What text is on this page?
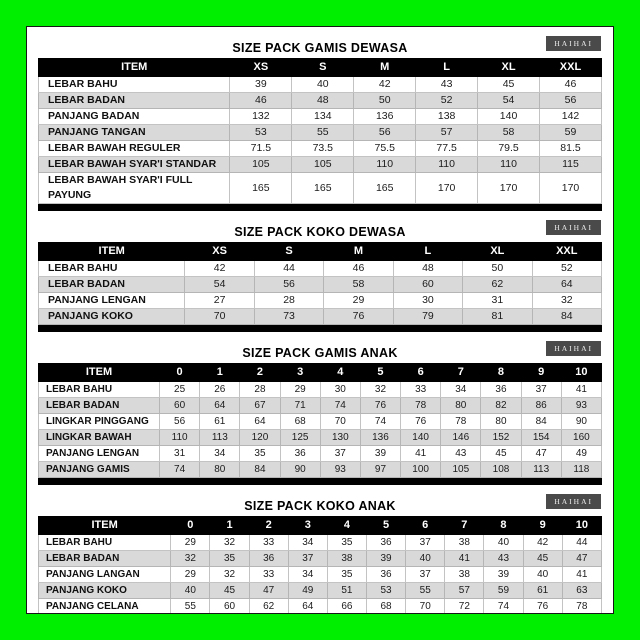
SIZE PACK GAMIS DEWASA	HAIHAI
ITEM	XS	S	M	L	XL	XXL
LEBAR BAHU	39	40	42	43	45	46
LEBAR BADAN	46	48	50	52	54	56
PANJANG BADAN	132	134	136	138	140	142
PANJANG TANGAN	53	55	56	57	58	59
LEBAR BAWAH REGULER	71.5	73.5	75.5	77.5	79.5	81.5
LEBAR BAWAH SYAR'I STANDAR	105	105	110	110	110	115
LEBAR BAWAH SYAR'I FULL PAYUNG	165	165	165	170	170	170
SIZE PACK KOKO DEWASA	HAIHAI
ITEM	XS	S	M	L	XL	XXL
LEBAR BAHU	42	44	46	48	50	52
LEBAR BADAN	54	56	58	60	62	64
PANJANG LENGAN	27	28	29	30	31	32
PANJANG KOKO	70	73	76	79	81	84
SIZE PACK GAMIS ANAK	HAIHAI
ITEM	0	1	2	3	4	5	6	7	8	9	10
LEBAR BAHU	25	26	28	29	30	32	33	34	36	37	41
LEBAR BADAN	60	64	67	71	74	76	78	80	82	86	93
LINGKAR PINGGANG	56	61	64	68	70	74	76	78	80	84	90
LINGKAR BAWAH	110	113	120	125	130	136	140	146	152	154	160
PANJANG LENGAN	31	34	35	36	37	39	41	43	45	47	49
PANJANG GAMIS	74	80	84	90	93	97	100	105	108	113	118
SIZE PACK KOKO ANAK	HAIHAI
ITEM	0	1	2	3	4	5	6	7	8	9	10
LEBAR BAHU	29	32	33	34	35	36	37	38	40	42	44
LEBAR BADAN	32	35	36	37	38	39	40	41	43	45	47
PANJANG LANGAN	29	32	33	34	35	36	37	38	39	40	41
PANJANG KOKO	40	45	47	49	51	53	55	57	59	61	63
PANJANG CELANA	55	60	62	64	66	68	70	72	74	76	78
